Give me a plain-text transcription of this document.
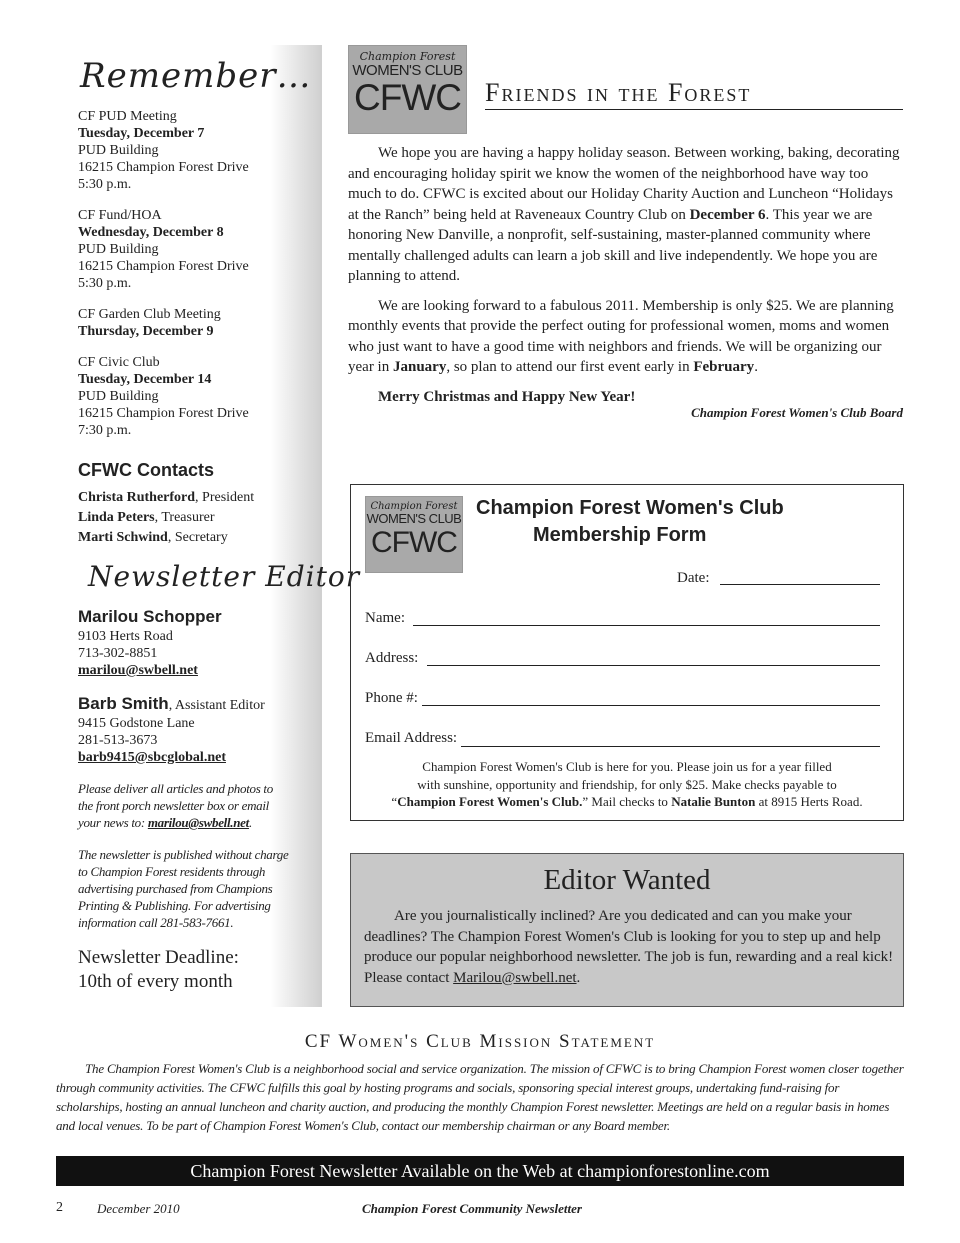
Remember…
CF PUD Meeting
Tuesday, December 7
PUD Building
16215 Champion Forest Drive
5:30 p.m.
CF Fund/HOA
Wednesday, December 8
PUD Building
16215 Champion Forest Drive
5:30 p.m.
CF Garden Club Meeting
Thursday, December 9
CF Civic Club
Tuesday, December 14
PUD Building
16215 Champion Forest Drive
7:30 p.m.
CFWC Contacts
Christa Rutherford, President
Linda Peters, Treasurer
Marti Schwind, Secretary
Newsletter Editor
Marilou Schopper
9103 Herts Road
713-302-8851
marilou@swbell.net
Barb Smith, Assistant Editor
9415 Godstone Lane
281-513-3673
barb9415@sbcglobal.net
Please deliver all articles and photos to the front porch newsletter box or email your news to: marilou@swbell.net.
The newsletter is published without charge to Champion Forest residents through advertising purchased from Champions Printing & Publishing. For advertising information call 281-583-7661.
Newsletter Deadline:
10th of every month
Champion Forest
WOMEN'S CLUB
CFWC Friends in the Forest

We hope you are having a happy holiday season. Between working, baking, decorating and encouraging holiday spirit we know the women of the neighborhood have way too much to do. CFWC is excited about our Holiday Charity Auction and Luncheon “Holidays at the Ranch” being held at Raveneaux Country Club on December 6. This year we are honoring New Danville, a nonprofit, self-sustaining, master-planned community where mentally challenged adults can learn a job skill and live independently. We hope you are planning to attend.

We are looking forward to a fabulous 2011. Membership is only $25. We are planning monthly events that provide the perfect outing for professional women, moms and women who just want to have a good time with neighbors and friends. We will be organizing our year in January, so plan to attend our first event early in February.

Merry Christmas and Happy New Year!

Champion Forest Women's Club Board
Champion Forest
WOMEN'S CLUB
CFWC
Champion Forest Women's Club
Membership Form
Date:
Name:
Address:
Phone #:
Email Address:
Champion Forest Women's Club is here for you. Please join us for a year filled
with sunshine, opportunity and friendship, for only $25. Make checks payable to
“Champion Forest Women's Club.” Mail checks to Natalie Bunton at 8915 Herts Road.
Editor Wanted

Are you journalistically inclined? Are you dedicated and can you make your deadlines? The Champion Forest Women's Club is looking for you to step up and help produce our popular neighborhood newsletter. The job is fun, rewarding and a real kick! Please contact Marilou@swbell.net.

CF Women's Club Mission Statement

The Champion Forest Women's Club is a neighborhood social and service organization. The mission of CFWC is to bring Champion Forest women closer together through community activities. The CFWC fulfills this goal by hosting programs and socials, sponsoring special interest groups, undertaking fund-raising for scholarships, hosting an annual luncheon and charity auction, and producing the monthly Champion Forest newsletter. Meetings are held on a regular basis in homes and local venues. To be part of Champion Forest Women's Club, contact our membership chairman or any Board member.

Champion Forest Newsletter Available on the Web at championforestonline.com
2	December 2010	Champion Forest Community Newsletter
